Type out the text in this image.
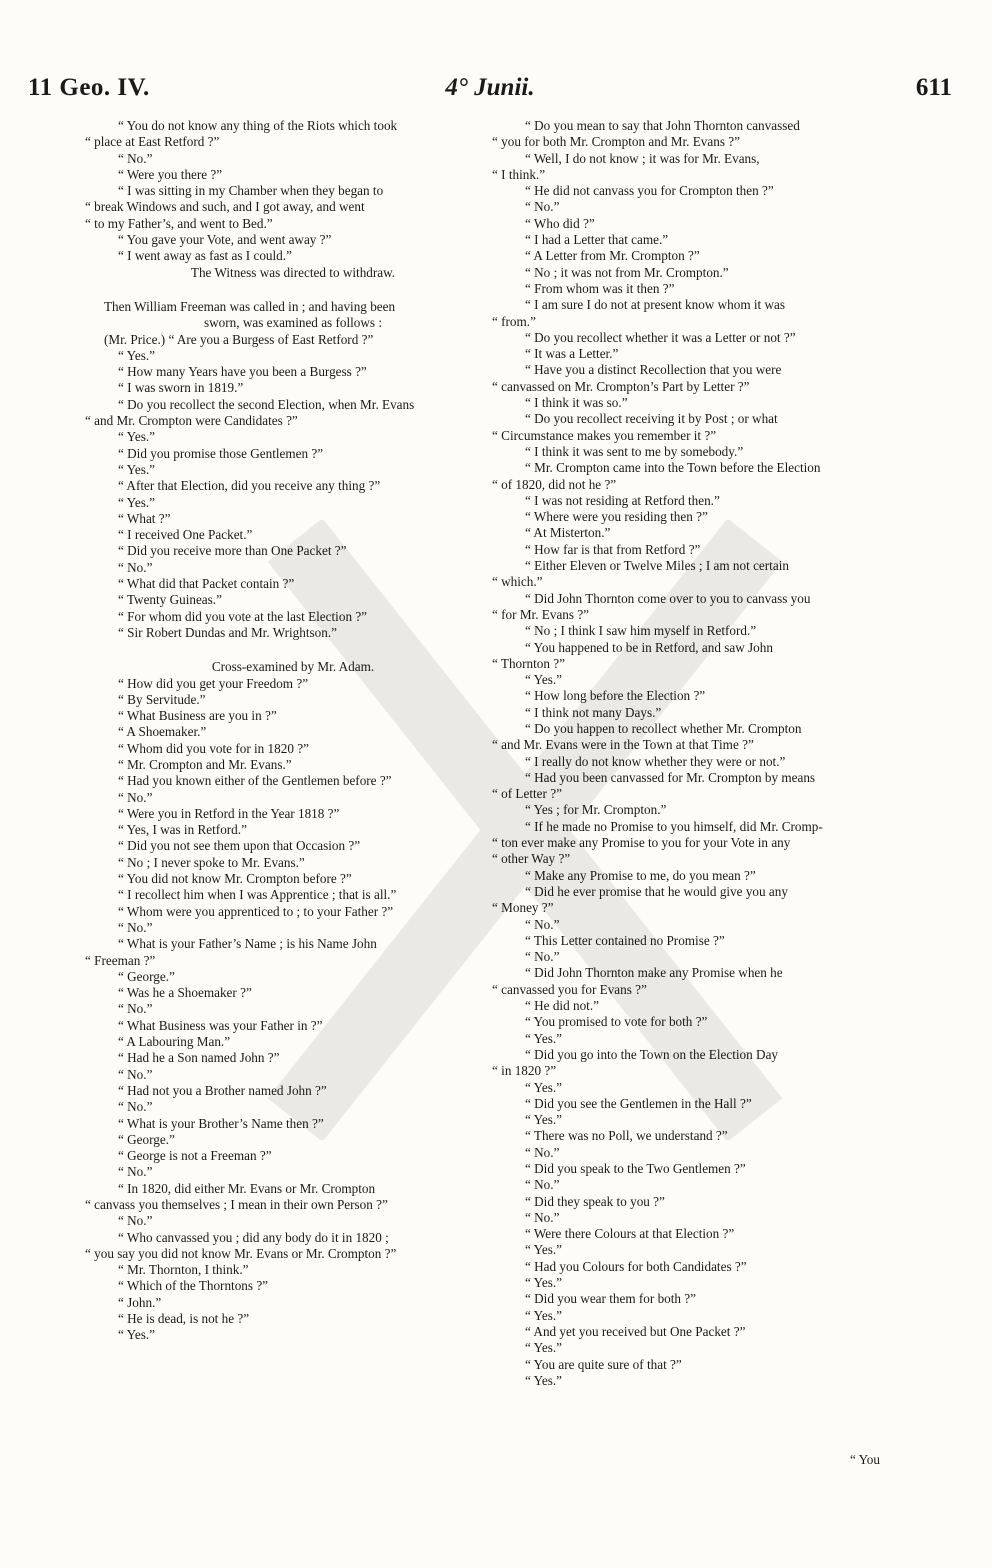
11 Geo. IV.	4° Junii.	611
“ You do not know any thing of the Riots which took
“ place at East Retford ?”
“ No.”
“ Were you there ?”
“ I was sitting in my Chamber when they began to
“ break Windows and such, and I got away, and went
“ to my Father’s, and went to Bed.”
“ You gave your Vote, and went away ?”
“ I went away as fast as I could.”
The Witness was directed to withdraw.
Then William Freeman was called in ; and having been
sworn, was examined as follows :
(Mr. Price.) “ Are you a Burgess of East Retford ?”
“ Yes.”
“ How many Years have you been a Burgess ?”
“ I was sworn in 1819.”
“ Do you recollect the second Election, when Mr. Evans
“ and Mr. Crompton were Candidates ?”
“ Yes.”
“ Did you promise those Gentlemen ?”
“ Yes.”
“ After that Election, did you receive any thing ?”
“ Yes.”
“ What ?”
“ I received One Packet.”
“ Did you receive more than One Packet ?”
“ No.”
“ What did that Packet contain ?”
“ Twenty Guineas.”
“ For whom did you vote at the last Election ?”
“ Sir Robert Dundas and Mr. Wrightson.”
Cross-examined by Mr. Adam.
“ How did you get your Freedom ?”
“ By Servitude.”
“ What Business are you in ?”
“ A Shoemaker.”
“ Whom did you vote for in 1820 ?”
“ Mr. Crompton and Mr. Evans.”
“ Had you known either of the Gentlemen before ?”
“ No.”
“ Were you in Retford in the Year 1818 ?”
“ Yes, I was in Retford.”
“ Did you not see them upon that Occasion ?”
“ No ; I never spoke to Mr. Evans.”
“ You did not know Mr. Crompton before ?”
“ I recollect him when I was Apprentice ; that is all.”
“ Whom were you apprenticed to ; to your Father ?”
“ No.”
“ What is your Father’s Name ; is his Name John
“ Freeman ?”
“ George.”
“ Was he a Shoemaker ?”
“ No.”
“ What Business was your Father in ?”
“ A Labouring Man.”
“ Had he a Son named John ?”
“ No.”
“ Had not you a Brother named John ?”
“ No.”
“ What is your Brother’s Name then ?”
“ George.”
“ George is not a Freeman ?”
“ No.”
“ In 1820, did either Mr. Evans or Mr. Crompton
“ canvass you themselves ; I mean in their own Person ?”
“ No.”
“ Who canvassed you ; did any body do it in 1820 ;
“ you say you did not know Mr. Evans or Mr. Crompton ?”
“ Mr. Thornton, I think.”
“ Which of the Thorntons ?”
“ John.”
“ He is dead, is not he ?”
“ Yes.”
“ Do you mean to say that John Thornton canvassed
“ you for both Mr. Crompton and Mr. Evans ?”
“ Well, I do not know ; it was for Mr. Evans,
“ I think.”
“ He did not canvass you for Crompton then ?”
“ No.”
“ Who did ?”
“ I had a Letter that came.”
“ A Letter from Mr. Crompton ?”
“ No ; it was not from Mr. Crompton.”
“ From whom was it then ?”
“ I am sure I do not at present know whom it was
“ from.”
“ Do you recollect whether it was a Letter or not ?”
“ It was a Letter.”
“ Have you a distinct Recollection that you were
“ canvassed on Mr. Crompton’s Part by Letter ?”
“ I think it was so.”
“ Do you recollect receiving it by Post ; or what
“ Circumstance makes you remember it ?”
“ I think it was sent to me by somebody.”
“ Mr. Crompton came into the Town before the Election
“ of 1820, did not he ?”
“ I was not residing at Retford then.”
“ Where were you residing then ?”
“ At Misterton.”
“ How far is that from Retford ?”
“ Either Eleven or Twelve Miles ; I am not certain
“ which.”
“ Did John Thornton come over to you to canvass you
“ for Mr. Evans ?”
“ No ; I think I saw him myself in Retford.”
“ You happened to be in Retford, and saw John
“ Thornton ?”
“ Yes.”
“ How long before the Election ?”
“ I think not many Days.”
“ Do you happen to recollect whether Mr. Crompton
“ and Mr. Evans were in the Town at that Time ?”
“ I really do not know whether they were or not.”
“ Had you been canvassed for Mr. Crompton by means
“ of Letter ?”
“ Yes ; for Mr. Crompton.”
“ If he made no Promise to you himself, did Mr. Cromp-
“ ton ever make any Promise to you for your Vote in any
“ other Way ?”
“ Make any Promise to me, do you mean ?”
“ Did he ever promise that he would give you any
“ Money ?”
“ No.”
“ This Letter contained no Promise ?”
“ No.”
“ Did John Thornton make any Promise when he
“ canvassed you for Evans ?”
“ He did not.”
“ You promised to vote for both ?”
“ Yes.”
“ Did you go into the Town on the Election Day
“ in 1820 ?”
“ Yes.”
“ Did you see the Gentlemen in the Hall ?”
“ Yes.”
“ There was no Poll, we understand ?”
“ No.”
“ Did you speak to the Two Gentlemen ?”
“ No.”
“ Did they speak to you ?”
“ No.”
“ Were there Colours at that Election ?”
“ Yes.”
“ Had you Colours for both Candidates ?”
“ Yes.”
“ Did you wear them for both ?”
“ Yes.”
“ And yet you received but One Packet ?”
“ Yes.”
“ You are quite sure of that ?”
“ Yes.”
“ You
